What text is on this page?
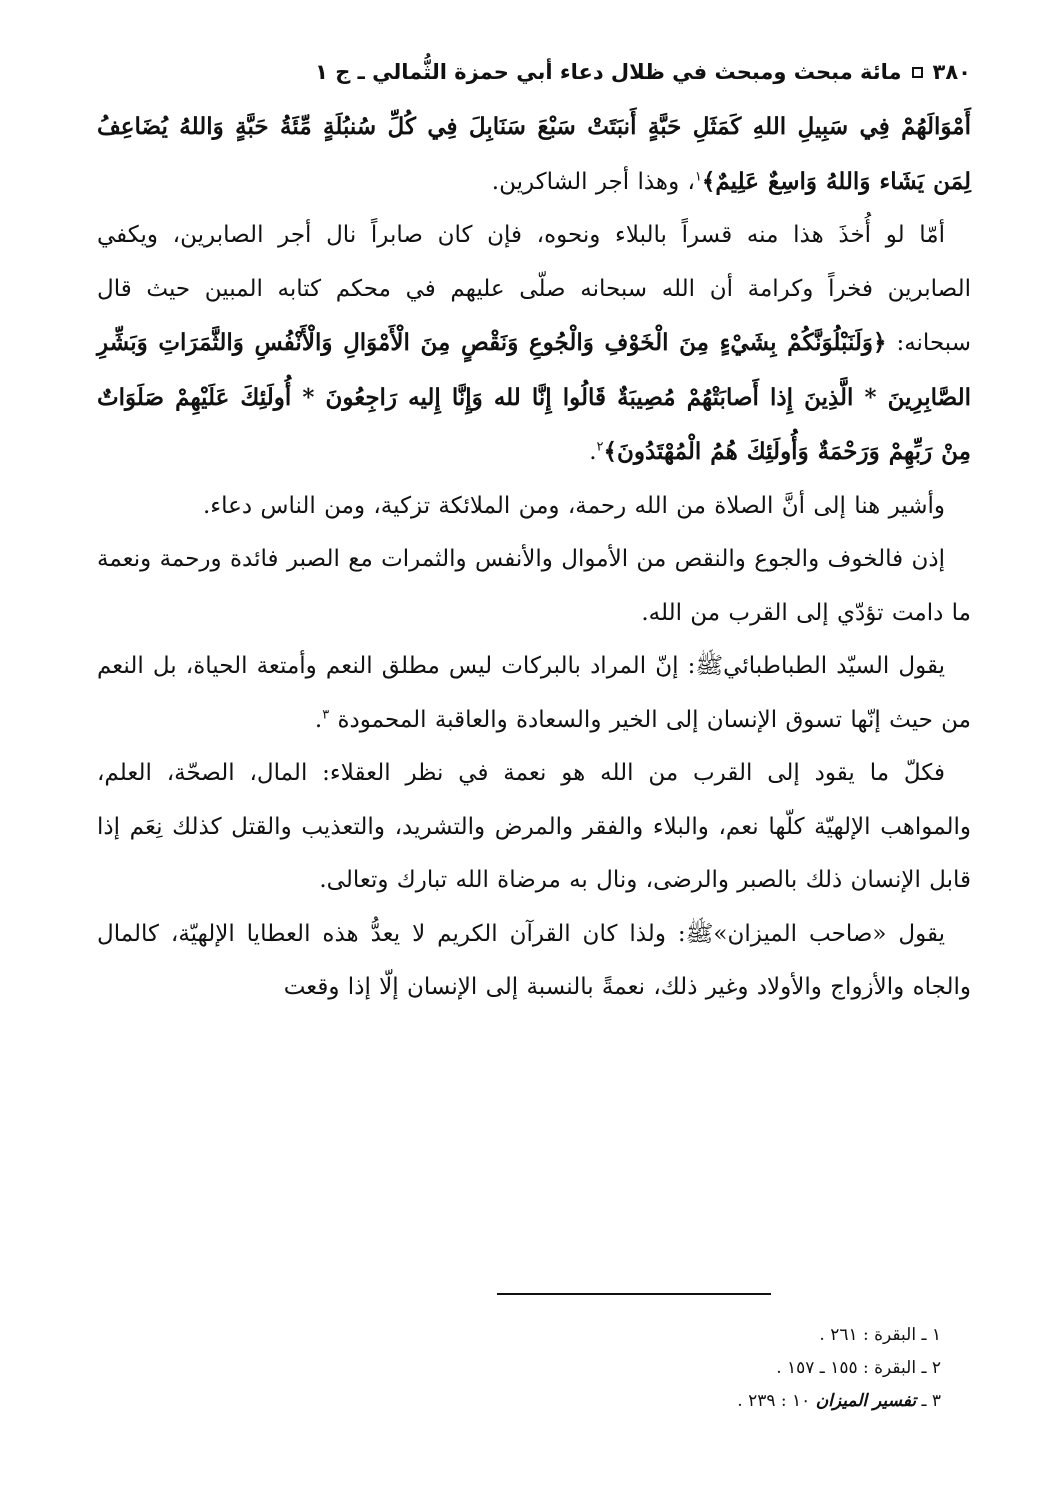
٣٨٠
مائة مبحث ومبحث في ظلال دعاء أبي حمزة الثُّمالي ـ ج ١

أَمْوَالَهُمْ فِي سَبِيلِ اللهِ كَمَثَلِ حَبَّةٍ أَنبَتَتْ سَبْعَ سَنَابِلَ فِي كُلِّ سُنبُلَةٍ مِّئَةُ حَبَّةٍ وَاللهُ يُضَاعِفُ لِمَن يَشَاء وَاللهُ وَاسِعٌ عَلِيمٌ﴾$^١$، وهذا أجر الشاكرين.

أمّا لو أُخذَ هذا منه قسراً بالبلاء ونحوه، فإن كان صابراً نال أجر الصابرين، ويكفي الصابرين فخراً وكرامة أن الله سبحانه صلّى عليهم في محكم كتابه المبين حيث قال سبحانه: ﴿وَلَنَبْلُوَنَّكُمْ بِشَيْءٍ مِنَ الْخَوْفِ وَالْجُوعِ وَنَقْصٍ مِنَ الْأَمْوَالِ وَالْأَنْفُسِ وَالثَّمَرَاتِ وَبَشِّرِ الصَّابِرِينَ * الَّذِينَ إِذا أَصابَتْهُمْ مُصِيبَةٌ قَالُوا إِنَّا لله وَإِنَّا إِليه رَاجِعُونَ * أُولَئِكَ عَلَيْهِمْ صَلَوَاتٌ مِنْ رَبِّهِمْ وَرَحْمَةٌ وَأُولَئِكَ هُمُ الْمُهْتَدُونَ﴾$^٢$.

وأشير هنا إلى أنَّ الصلاة من الله رحمة، ومن الملائكة تزكية، ومن الناس دعاء.

إذن فالخوف والجوع والنقص من الأموال والأنفس والثمرات مع الصبر فائدة ورحمة ونعمة ما دامت تؤدّي إلى القرب من الله.

يقول السيّد الطباطبائيﷺ: إنّ المراد بالبركات ليس مطلق النعم وأمتعة الحياة، بل النعم من حيث إنّها تسوق الإنسان إلى الخير والسعادة والعاقبة المحمودة $^٣$.

فكلّ ما يقود إلى القرب من الله هو نعمة في نظر العقلاء: المال، الصحّة، العلم، والمواهب الإلهيّة كلّها نعم، والبلاء والفقر والمرض والتشريد، والتعذيب والقتل كذلك نِعَم إذا قابل الإنسان ذلك بالصبر والرضى، ونال به مرضاة الله تبارك وتعالى.

يقول «صاحب الميزان»ﷺ: ولذا كان القرآن الكريم لا يعدُّ هذه العطايا الإلهيّة، كالمال والجاه والأزواج والأولاد وغير ذلك، نعمةً بالنسبة إلى الإنسان إلّا إذا وقعت

١ ـ البقرة : ٢٦١ .
٢ ـ البقرة : ١٥٥ ـ ١٥٧ .
٣ ـ تفسير الميزان ١٠ : ٢٣٩ .
